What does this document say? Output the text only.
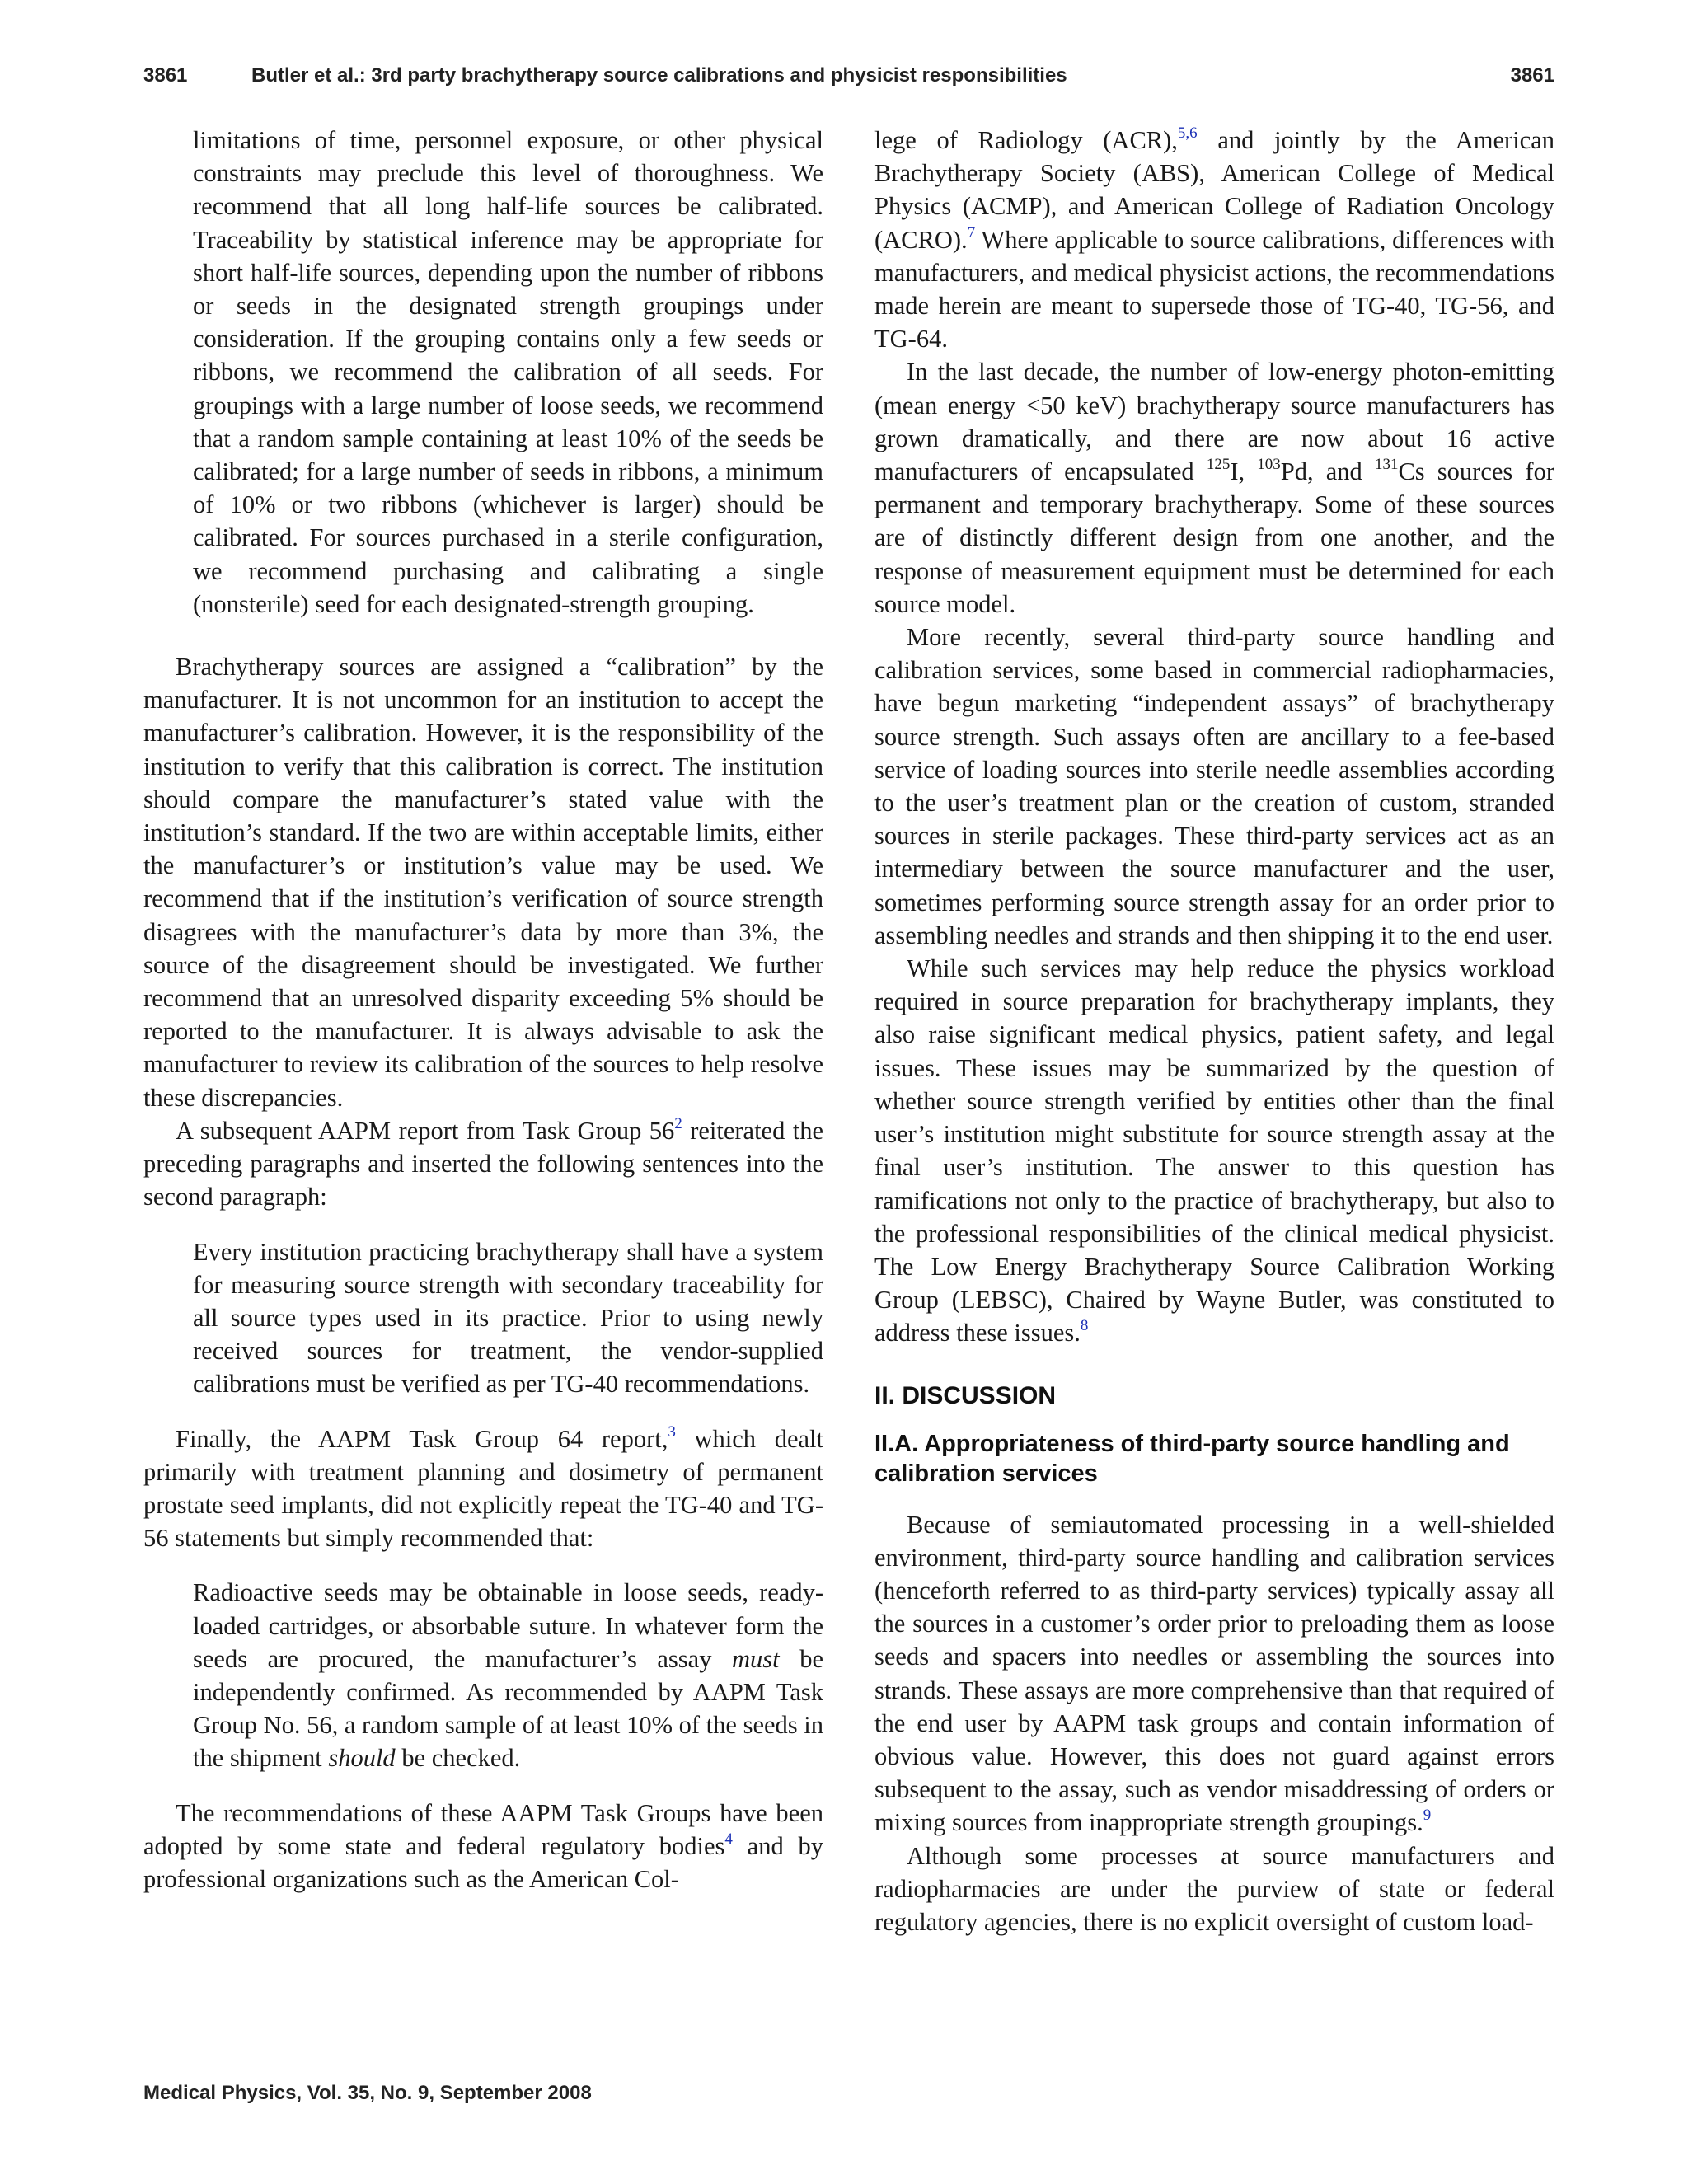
3861	Butler et al.: 3rd party brachytherapy source calibrations and physicist responsibilities	3861

limitations of time, personnel exposure, or other physical constraints may preclude this level of thoroughness. We recommend that all long half-life sources be calibrated. Traceability by statistical inference may be appropriate for short half-life sources, depending upon the number of ribbons or seeds in the designated strength groupings under consideration. If the grouping contains only a few seeds or ribbons, we recommend the calibration of all seeds. For groupings with a large number of loose seeds, we recommend that a random sample containing at least 10% of the seeds be calibrated; for a large number of seeds in ribbons, a minimum of 10% or two ribbons (whichever is larger) should be calibrated. For sources purchased in a sterile configuration, we recommend purchasing and calibrating a single (nonsterile) seed for each designated-strength grouping.

Brachytherapy sources are assigned a “calibration” by the manufacturer. It is not uncommon for an institution to accept the manufacturer’s calibration. However, it is the responsibility of the institution to verify that this calibration is correct. The institution should compare the manufacturer’s stated value with the institution’s standard. If the two are within acceptable limits, either the manufacturer’s or institution’s value may be used. We recommend that if the institution’s verification of source strength disagrees with the manufacturer’s data by more than 3%, the source of the disagreement should be investigated. We further recommend that an unresolved disparity exceeding 5% should be reported to the manufacturer. It is always advisable to ask the manufacturer to review its calibration of the sources to help resolve these discrepancies.

A subsequent AAPM report from Task Group $56^2$ reiterated the preceding paragraphs and inserted the following sentences into the second paragraph:

Every institution practicing brachytherapy shall have a system for measuring source strength with secondary traceability for all source types used in its practice. Prior to using newly received sources for treatment, the vendor-supplied calibrations must be verified as per TG-40 recommendations.

Finally, the AAPM Task Group 64 report,$^3$ which dealt primarily with treatment planning and dosimetry of permanent prostate seed implants, did not explicitly repeat the TG-40 and TG-56 statements but simply recommended that:

Radioactive seeds may be obtainable in loose seeds, ready-loaded cartridges, or absorbable suture. In whatever form the seeds are procured, the manufacturer’s assay must be independently confirmed. As recommended by AAPM Task Group No. 56, a random sample of at least 10% of the seeds in the shipment should be checked.

The recommendations of these AAPM Task Groups have been adopted by some state and federal regulatory bodies$^4$ and by professional organizations such as the American Col-

lege of Radiology (ACR),$^{5,6}$ and jointly by the American Brachytherapy Society (ABS), American College of Medical Physics (ACMP), and American College of Radiation Oncology (ACRO).$^7$ Where applicable to source calibrations, differences with manufacturers, and medical physicist actions, the recommendations made herein are meant to supersede those of TG-40, TG-56, and TG-64.

In the last decade, the number of low-energy photon-emitting (mean energy <50 keV) brachytherapy source manufacturers has grown dramatically, and there are now about 16 active manufacturers of encapsulated $^{125}$I, $^{103}$Pd, and $^{131}$Cs sources for permanent and temporary brachytherapy. Some of these sources are of distinctly different design from one another, and the response of measurement equipment must be determined for each source model.

More recently, several third-party source handling and calibration services, some based in commercial radiopharmacies, have begun marketing “independent assays” of brachytherapy source strength. Such assays often are ancillary to a fee-based service of loading sources into sterile needle assemblies according to the user’s treatment plan or the creation of custom, stranded sources in sterile packages. These third-party services act as an intermediary between the source manufacturer and the user, sometimes performing source strength assay for an order prior to assembling needles and strands and then shipping it to the end user.

While such services may help reduce the physics workload required in source preparation for brachytherapy implants, they also raise significant medical physics, patient safety, and legal issues. These issues may be summarized by the question of whether source strength verified by entities other than the final user’s institution might substitute for source strength assay at the final user’s institution. The answer to this question has ramifications not only to the practice of brachytherapy, but also to the professional responsibilities of the clinical medical physicist. The Low Energy Brachytherapy Source Calibration Working Group (LEBSC), Chaired by Wayne Butler, was constituted to address these issues.$^8$

II. DISCUSSION
II.A. Appropriateness of third-party source handling and calibration services

Because of semiautomated processing in a well-shielded environment, third-party source handling and calibration services (henceforth referred to as third-party services) typically assay all the sources in a customer’s order prior to preloading them as loose seeds and spacers into needles or assembling the sources into strands. These assays are more comprehensive than that required of the end user by AAPM task groups and contain information of obvious value. However, this does not guard against errors subsequent to the assay, such as vendor misaddressing of orders or mixing sources from inappropriate strength groupings.$^9$

Although some processes at source manufacturers and radiopharmacies are under the purview of state or federal regulatory agencies, there is no explicit oversight of custom load-

Medical Physics, Vol. 35, No. 9, September 2008
